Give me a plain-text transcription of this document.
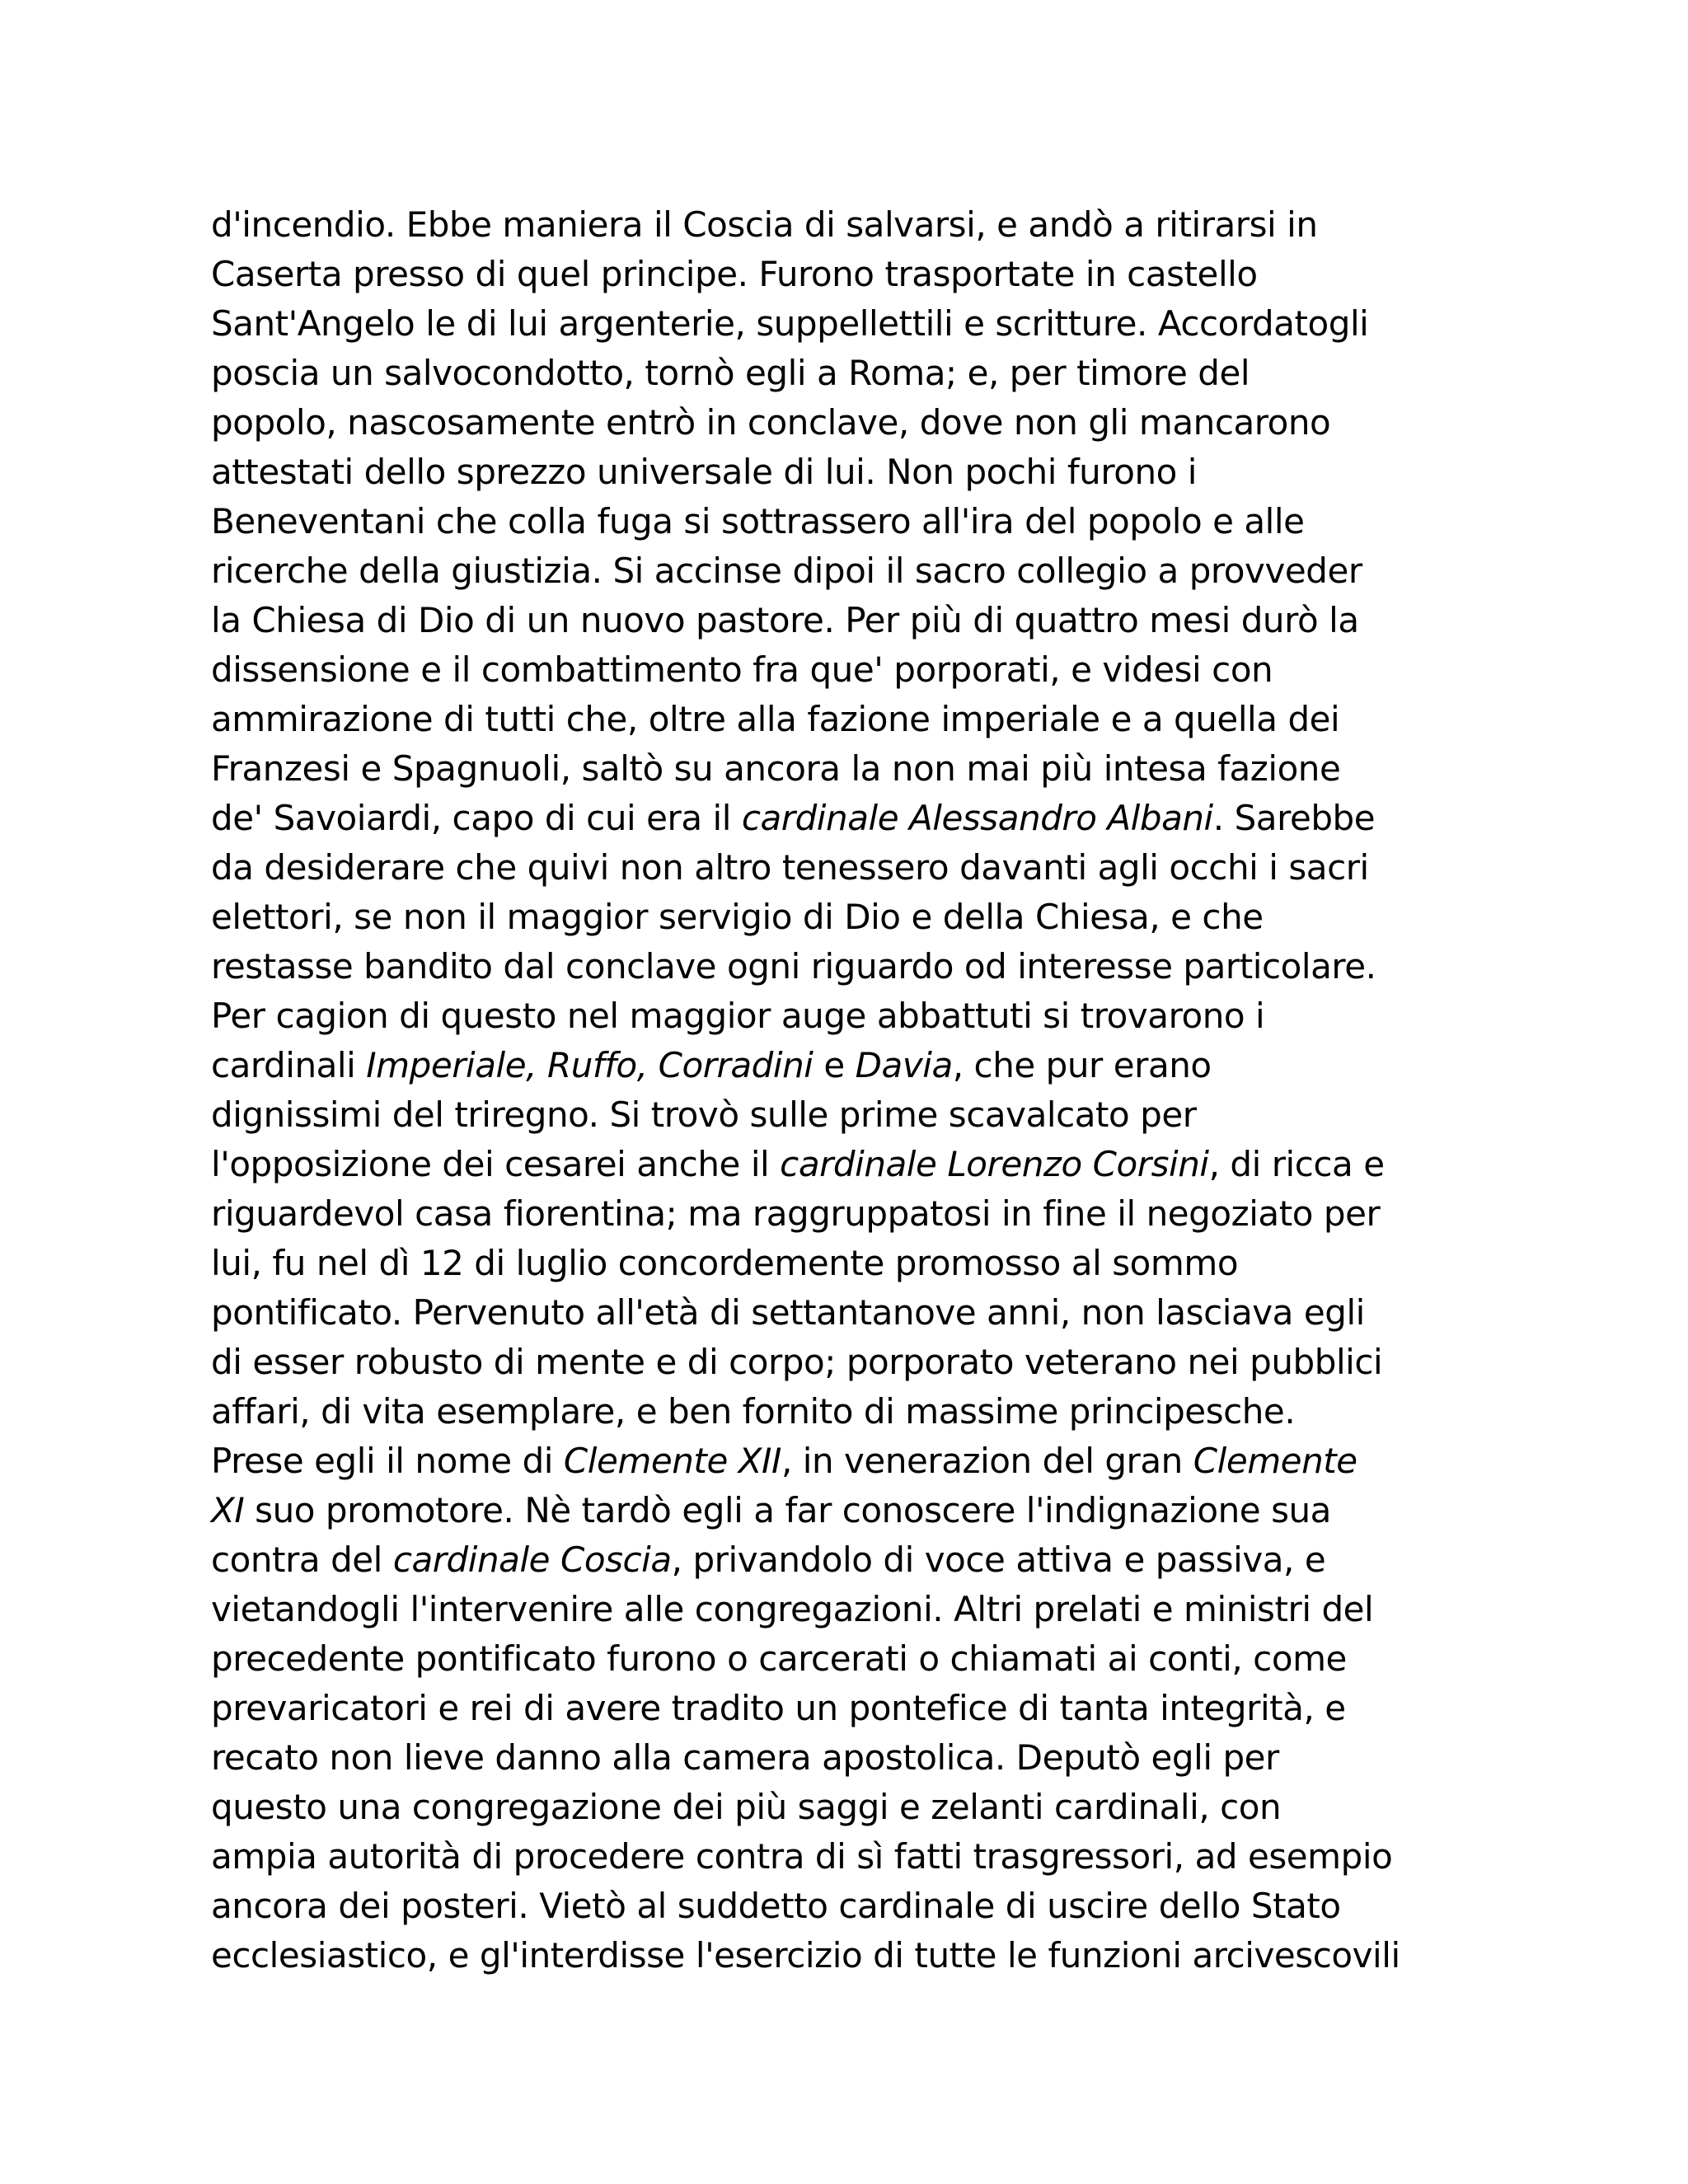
d'incendio. Ebbe maniera il Coscia di salvarsi, e andò a ritirarsi in
Caserta presso di quel principe. Furono trasportate in castello
Sant'Angelo le di lui argenterie, suppellettili e scritture. Accordatogli
poscia un salvocondotto, tornò egli a Roma; e, per timore del
popolo, nascosamente entrò in conclave, dove non gli mancarono
attestati dello sprezzo universale di lui. Non pochi furono i
Beneventani che colla fuga si sottrassero all'ira del popolo e alle
ricerche della giustizia. Si accinse dipoi il sacro collegio a provveder
la Chiesa di Dio di un nuovo pastore. Per più di quattro mesi durò la
dissensione e il combattimento fra que' porporati, e videsi con
ammirazione di tutti che, oltre alla fazione imperiale e a quella dei
Franzesi e Spagnuoli, saltò su ancora la non mai più intesa fazione
de' Savoiardi, capo di cui era il cardinale Alessandro Albani. Sarebbe
da desiderare che quivi non altro tenessero davanti agli occhi i sacri
elettori, se non il maggior servigio di Dio e della Chiesa, e che
restasse bandito dal conclave ogni riguardo od interesse particolare.
Per cagion di questo nel maggior auge abbattuti si trovarono i
cardinali Imperiale, Ruffo, Corradini e Davia, che pur erano
dignissimi del triregno. Si trovò sulle prime scavalcato per
l'opposizione dei cesarei anche il cardinale Lorenzo Corsini, di ricca e
riguardevol casa fiorentina; ma raggruppatosi in fine il negoziato per
lui, fu nel dì 12 di luglio concordemente promosso al sommo
pontificato. Pervenuto all'età di settantanove anni, non lasciava egli
di esser robusto di mente e di corpo; porporato veterano nei pubblici
affari, di vita esemplare, e ben fornito di massime principesche.
Prese egli il nome di Clemente XII, in venerazion del gran Clemente
XI suo promotore. Nè tardò egli a far conoscere l'indignazione sua
contra del cardinale Coscia, privandolo di voce attiva e passiva, e
vietandogli l'intervenire alle congregazioni. Altri prelati e ministri del
precedente pontificato furono o carcerati o chiamati ai conti, come
prevaricatori e rei di avere tradito un pontefice di tanta integrità, e
recato non lieve danno alla camera apostolica. Deputò egli per
questo una congregazione dei più saggi e zelanti cardinali, con
ampia autorità di procedere contra di sì fatti trasgressori, ad esempio
ancora dei posteri. Vietò al suddetto cardinale di uscire dello Stato
ecclesiastico, e gl'interdisse l'esercizio di tutte le funzioni arcivescovili
